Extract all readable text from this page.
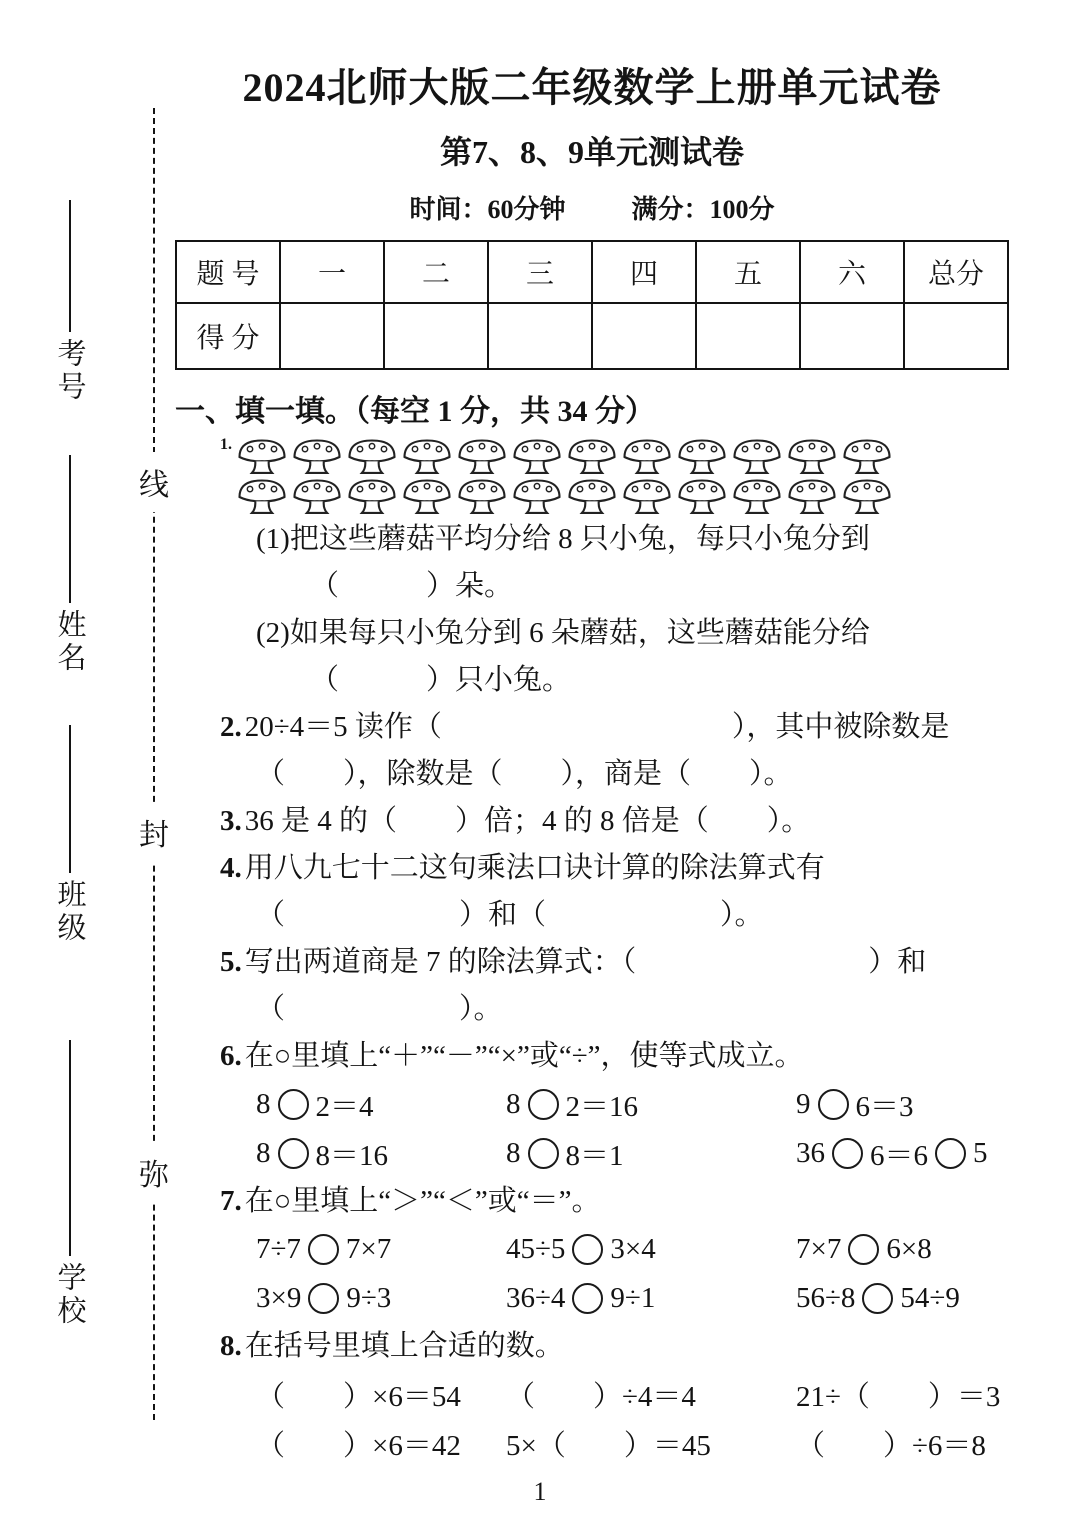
考号
姓名
班级
学校
线
封
弥
2024北师大版二年级数学上册单元试卷
第7、8、9单元测试卷
时间：60分钟	满分：100分
题 号	一	二	三	四	五	六	总分
得 分							
一、填一填。（每空 1 分，共 34 分）
1.
(1)把这些蘑菇平均分给 8 只小兔，每只小兔分到
（　　　）朵。
(2)如果每只小兔分到 6 朵蘑菇，这些蘑菇能分给
（　　　）只小兔。
2. 20÷4＝5 读作（　　　　　　　　　　），其中被除数是
（　　），除数是（　　），商是（　　）。
3. 36 是 4 的（　　）倍；4 的 8 倍是（　　）。
4. 用八九七十二这句乘法口诀计算的除法算式有
（　　　　　　）和（　　　　　　）。
5. 写出两道商是 7 的除法算式：（　　　　　　　　）和
（　　　　　　）。
6. 在○里填上“＋”“－”“×”或“÷”，使等式成立。
8 2＝4	8 2＝16	9 6＝3
8 8＝16	8 8＝1	36 6＝6 5
7. 在○里填上“＞”“＜”或“＝”。
7÷7 7×7	45÷5 3×4	7×7 6×8
3×9 9÷3	36÷4 9÷1	56÷8 54÷9
8. 在括号里填上合适的数。
（　　）×6＝54	（　　）÷4＝4	21÷（　　）＝3
（　　）×6＝42	5×（　　）＝45	（　　）÷6＝8
1
